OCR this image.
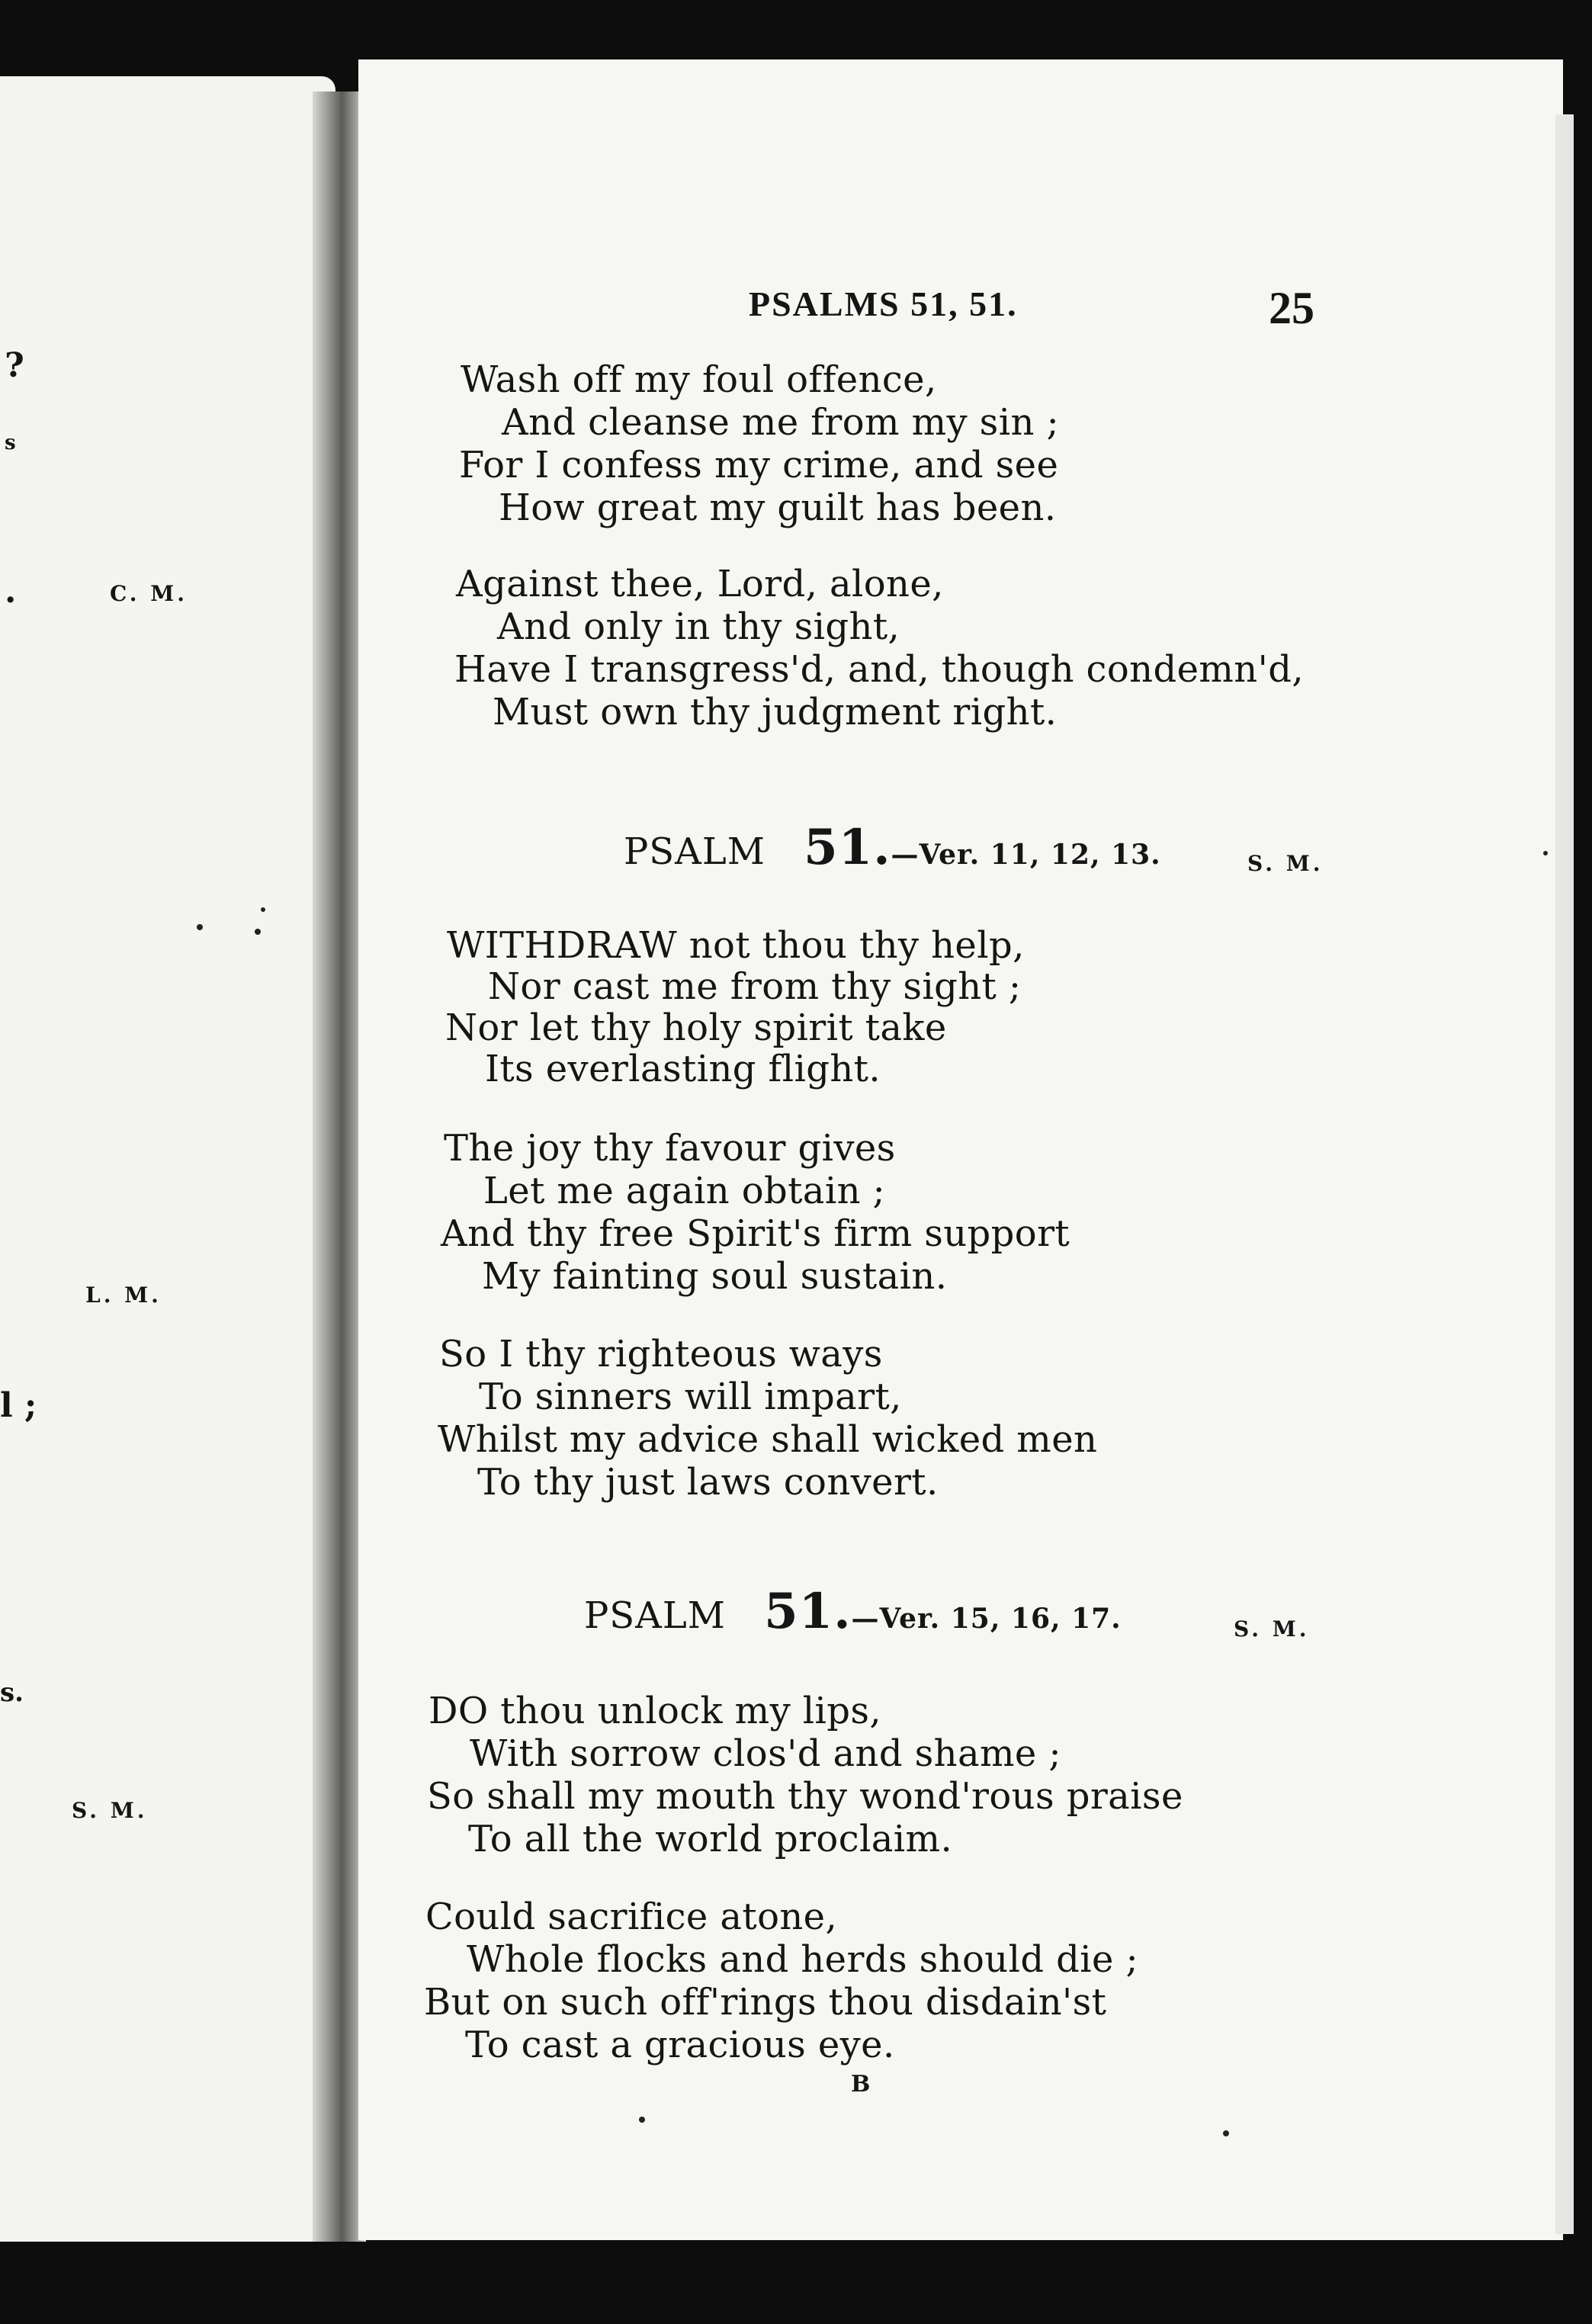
?
s
.	C. M.
L. M.
l ;
s.
S. M.
PSALMS 51, 51.	25
Wash off my foul offence,
And cleanse me from my sin ;
For I confess my crime, and see
How great my guilt has been.
Against thee, Lord, alone,
And only in thy sight,
Have I transgress'd, and, though condemn'd,
Must own thy judgment right.
PSALM 51.—Ver. 11, 12, 13.	S. M.
WITHDRAW not thou thy help,
Nor cast me from thy sight ;
Nor let thy holy spirit take
Its everlasting flight.
The joy thy favour gives
Let me again obtain ;
And thy free Spirit's firm support
My fainting soul sustain.
So I thy righteous ways
To sinners will impart,
Whilst my advice shall wicked men
To thy just laws convert.
PSALM 51.—Ver. 15, 16, 17.	S. M.
DO thou unlock my lips,
With sorrow clos'd and shame ;
So shall my mouth thy wond'rous praise
To all the world proclaim.
Could sacrifice atone,
Whole flocks and herds should die ;
But on such off'rings thou disdain'st
To cast a gracious eye.
B
